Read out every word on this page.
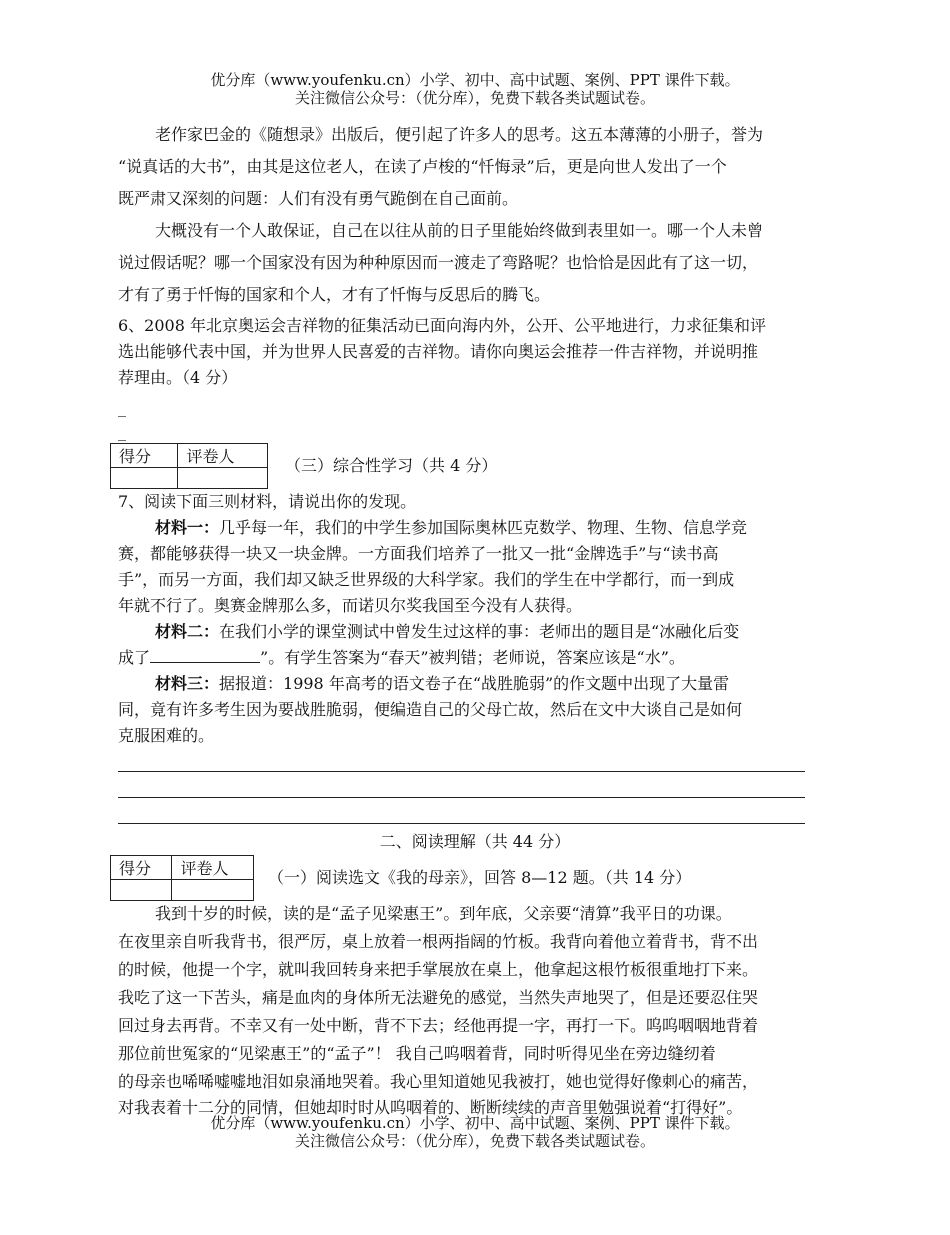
优分库（www.youfenku.cn）小学、初中、高中试题、案例、PPT 课件下载。
关注微信公众号：（优分库），免费下载各类试题试卷。
老作家巴金的《随想录》出版后，便引起了许多人的思考。这五本薄薄的小册子，誉为
“说真话的大书”，由其是这位老人，在读了卢梭的“忏悔录”后，更是向世人发出了一个
既严肃又深刻的问题：人们有没有勇气跪倒在自己面前。
大概没有一个人敢保证，自己在以往从前的日子里能始终做到表里如一。哪一个人未曾
说过假话呢？哪一个国家没有因为种种原因而一渡走了弯路呢？也恰恰是因此有了这一切，
才有了勇于忏悔的国家和个人，才有了忏悔与反思后的腾飞。
6、2008 年北京奥运会吉祥物的征集活动已面向海内外，公开、公平地进行，力求征集和评
选出能够代表中国，并为世界人民喜爱的吉祥物。请你向奥运会推荐一件吉祥物，并说明推
荐理由。（4 分）
_
_
得分	评卷人
		（三）综合性学习（共 4 分）
7、阅读下面三则材料，请说出你的发现。
材料一：几乎每一年，我们的中学生参加国际奥林匹克数学、物理、生物、信息学竞
赛，都能够获得一块又一块金牌。一方面我们培养了一批又一批“金牌选手”与“读书高
手”，而另一方面，我们却又缺乏世界级的大科学家。我们的学生在中学都行，而一到成
年就不行了。奥赛金牌那么多，而诺贝尔奖我国至今没有人获得。
材料二：在我们小学的课堂测试中曾发生过这样的事：老师出的题目是“冰融化后变
成了	”。有学生答案为“春天”被判错；老师说，答案应该是“水”。
材料三：据报道：1998 年高考的语文卷子在“战胜脆弱”的作文题中出现了大量雷
同，竟有许多考生因为要战胜脆弱，便编造自己的父母亡故，然后在文中大谈自己是如何
克服困难的。
二、阅读理解（共 44 分）
得分	评卷人
	（一）阅读选文《我的母亲》，回答 8—12 题。（共 14 分）
我到十岁的时候，读的是“孟子见梁惠王”。到年底，父亲要“清算”我平日的功课。
在夜里亲自听我背书，很严厉，桌上放着一根两指阔的竹板。我背向着他立着背书，背不出
的时候，他提一个字，就叫我回转身来把手掌展放在桌上，他拿起这根竹板很重地打下来。
我吃了这一下苦头，痛是血肉的身体所无法避免的感觉，当然失声地哭了，但是还要忍住哭
回过身去再背。不幸又有一处中断，背不下去；经他再提一字，再打一下。呜呜咽咽地背着
那位前世冤家的“见梁惠王”的“孟子”！ 我自己呜咽着背，同时听得见坐在旁边缝纫着
的母亲也唏唏嘘嘘地泪如泉涌地哭着。我心里知道她见我被打，她也觉得好像刺心的痛苦，
对我表着十二分的同情，但她却时时从呜咽着的、断断续续的声音里勉强说着“打得好”。
优分库（www.youfenku.cn）小学、初中、高中试题、案例、PPT 课件下载。
关注微信公众号：（优分库），免费下载各类试题试卷。
